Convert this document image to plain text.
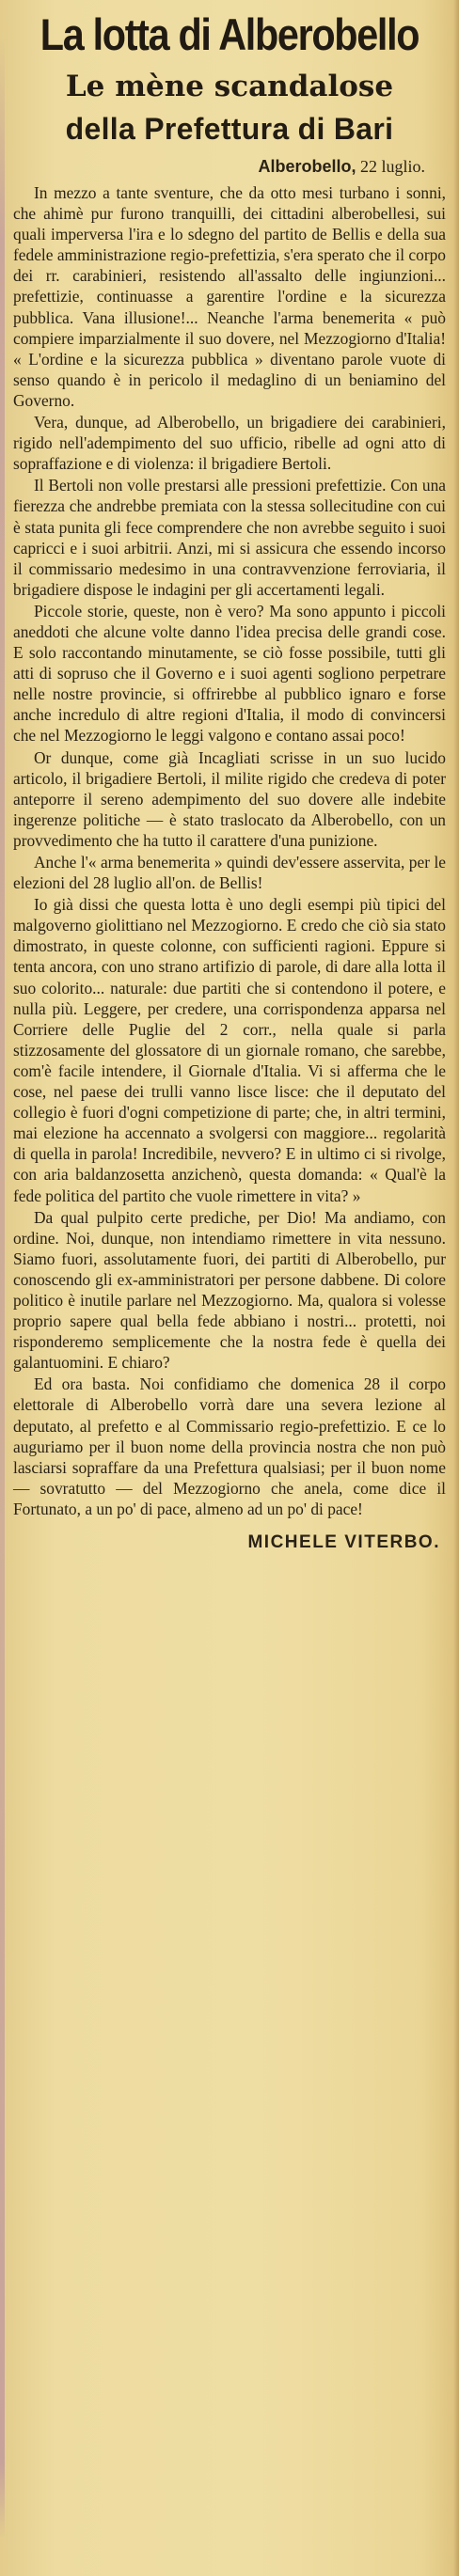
La lotta di Alberobello
Le mène scandalose
della Prefettura di Bari
Alberobello, 22 luglio.

In mezzo a tante sventure, che da otto mesi turbano i sonni, che ahimè pur furono tranquilli, dei cittadini alberobellesi, sui quali imperversa l'ira e lo sdegno del partito de Bellis e della sua fedele amministrazione regio-prefettizia, s'era sperato che il corpo dei rr. carabinieri, resistendo all'assalto delle ingiunzioni... prefettizie, continuasse a garentire l'ordine e la sicurezza pubblica. Vana illusione!... Neanche l'arma benemerita « può compiere imparzialmente il suo dovere, nel Mezzogiorno d'Italia! « L'ordine e la sicurezza pubblica » diventano parole vuote di senso quando è in pericolo il medaglino di un beniamino del Governo.

Vera, dunque, ad Alberobello, un brigadiere dei carabinieri, rigido nell'adempimento del suo ufficio, ribelle ad ogni atto di sopraffazione e di violenza: il brigadiere Bertoli.

Il Bertoli non volle prestarsi alle pressioni prefettizie. Con una fierezza che andrebbe premiata con la stessa sollecitudine con cui è stata punita gli fece comprendere che non avrebbe seguito i suoi capricci e i suoi arbitrii. Anzi, mi si assicura che essendo incorso il commissario medesimo in una contravvenzione ferroviaria, il brigadiere dispose le indagini per gli accertamenti legali.

Piccole storie, queste, non è vero? Ma sono appunto i piccoli aneddoti che alcune volte danno l'idea precisa delle grandi cose. E solo raccontando minutamente, se ciò fosse possibile, tutti gli atti di sopruso che il Governo e i suoi agenti sogliono perpetrare nelle nostre provincie, si offrirebbe al pubblico ignaro e forse anche incredulo di altre regioni d'Italia, il modo di convincersi che nel Mezzogiorno le leggi valgono e contano assai poco!

Or dunque, come già Incagliati scrisse in un suo lucido articolo, il brigadiere Bertoli, il milite rigido che credeva di poter anteporre il sereno adempimento del suo dovere alle indebite ingerenze politiche — è stato traslocato da Alberobello, con un provvedimento che ha tutto il carattere d'una punizione.

Anche l'« arma benemerita » quindi dev'essere asservita, per le elezioni del 28 luglio all'on. de Bellis!

Io già dissi che questa lotta è uno degli esempi più tipici del malgoverno giolittiano nel Mezzogiorno. E credo che ciò sia stato dimostrato, in queste colonne, con sufficienti ragioni. Eppure si tenta ancora, con uno strano artifizio di parole, di dare alla lotta il suo colorito... naturale: due partiti che si contendono il potere, e nulla più. Leggere, per credere, una corrispondenza apparsa nel Corriere delle Puglie del 2 corr., nella quale si parla stizzosamente del glossatore di un giornale romano, che sarebbe, com'è facile intendere, il Giornale d'Italia. Vi si afferma che le cose, nel paese dei trulli vanno lisce lisce: che il deputato del collegio è fuori d'ogni competizione di parte; che, in altri termini, mai elezione ha accennato a svolgersi con maggiore... regolarità di quella in parola! Incredibile, nevvero? E in ultimo ci si rivolge, con aria baldanzosetta anzichenò, questa domanda: « Qual'è la fede politica del partito che vuole rimettere in vita? »

Da qual pulpito certe prediche, per Dio! Ma andiamo, con ordine. Noi, dunque, non intendiamo rimettere in vita nessuno. Siamo fuori, assolutamente fuori, dei partiti di Alberobello, pur conoscendo gli ex-amministratori per persone dabbene. Di colore politico è inutile parlare nel Mezzogiorno. Ma, qualora si volesse proprio sapere qual bella fede abbiano i nostri... protetti, noi risponderemo semplicemente che la nostra fede è quella dei galantuomini. E chiaro?

Ed ora basta. Noi confidiamo che domenica 28 il corpo elettorale di Alberobello vorrà dare una severa lezione al deputato, al prefetto e al Commissario regio-prefettizio. E ce lo auguriamo per il buon nome della provincia nostra che non può lasciarsi sopraffare da una Prefettura qualsiasi; per il buon nome — sovratutto — del Mezzogiorno che anela, come dice il Fortunato, a un po' di pace, almeno ad un po' di pace!

MICHELE VITERBO.
